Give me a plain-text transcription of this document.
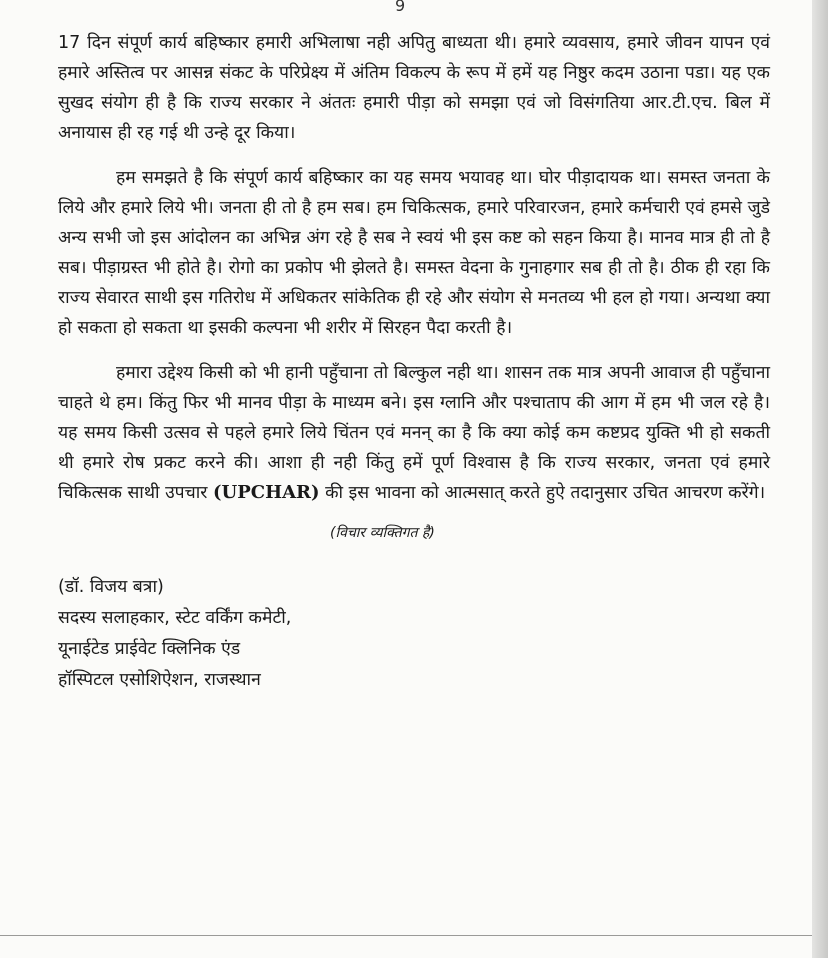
9

17 दिन संपूर्ण कार्य बहिष्कार हमारी अभिलाषा नही अपितु बाध्यता थी। हमारे व्यवसाय, हमारे जीवन यापन एवं हमारे अस्तित्व पर आसन्न संकट के परिप्रेक्ष्य में अंतिम विकल्प के रूप में हमें यह निष्ठुर कदम उठाना पडा। यह एक सुखद संयोग ही है कि राज्य सरकार ने अंततः हमारी पीड़ा को समझा एवं जो विसंगतिया आर.टी.एच. बिल में अनायास ही रह गई थी उन्हे दूर किया।

हम समझते है कि संपूर्ण कार्य बहिष्कार का यह समय भयावह था। घोर पीड़ादायक था। समस्त जनता के लिये और हमारे लिये भी। जनता ही तो है हम सब। हम चिकित्सक, हमारे परिवारजन, हमारे कर्मचारी एवं हमसे जुडे अन्य सभी जो इस आंदोलन का अभिन्न अंग रहे है सब ने स्वयं भी इस कष्ट को सहन किया है। मानव मात्र ही तो है सब। पीड़ाग्रस्त भी होते है। रोगो का प्रकोप भी झेलते है। समस्त वेदना के गुनाहगार सब ही तो है। ठीक ही रहा कि राज्य सेवारत साथी इस गतिरोध में अधिकतर सांकेतिक ही रहे और संयोग से मनतव्य भी हल हो गया। अन्यथा क्या हो सकता हो सकता था इसकी कल्पना भी शरीर में सिरहन पैदा करती है।

हमारा उद्देश्य किसी को भी हानी पहुँचाना तो बिल्कुल नही था। शासन तक मात्र अपनी आवाज ही पहुँचाना चाहते थे हम। किंतु फिर भी मानव पीड़ा के माध्यम बने। इस ग्लानि और पश्चाताप की आग में हम भी जल रहे है। यह समय किसी उत्सव से पहले हमारे लिये चिंतन एवं मनन् का है कि क्या कोई कम कष्टप्रद युक्ति भी हो सकती थी हमारे रोष प्रकट करने की। आशा ही नही किंतु हमें पूर्ण विश्वास है कि राज्य सरकार, जनता एवं हमारे चिकित्सक साथी उपचार (UPCHAR) की इस भावना को आत्मसात् करते हुऐ तदानुसार उचित आचरण करेंगे।

(विचार व्यक्तिगत है)

(डॉ. विजय बत्रा)

सदस्य सलाहकार, स्टेट वर्किंग कमेटी,

यूनाईटेड प्राईवेट क्लिनिक एंड

हॉस्पिटल एसोशिऐशन, राजस्थान
